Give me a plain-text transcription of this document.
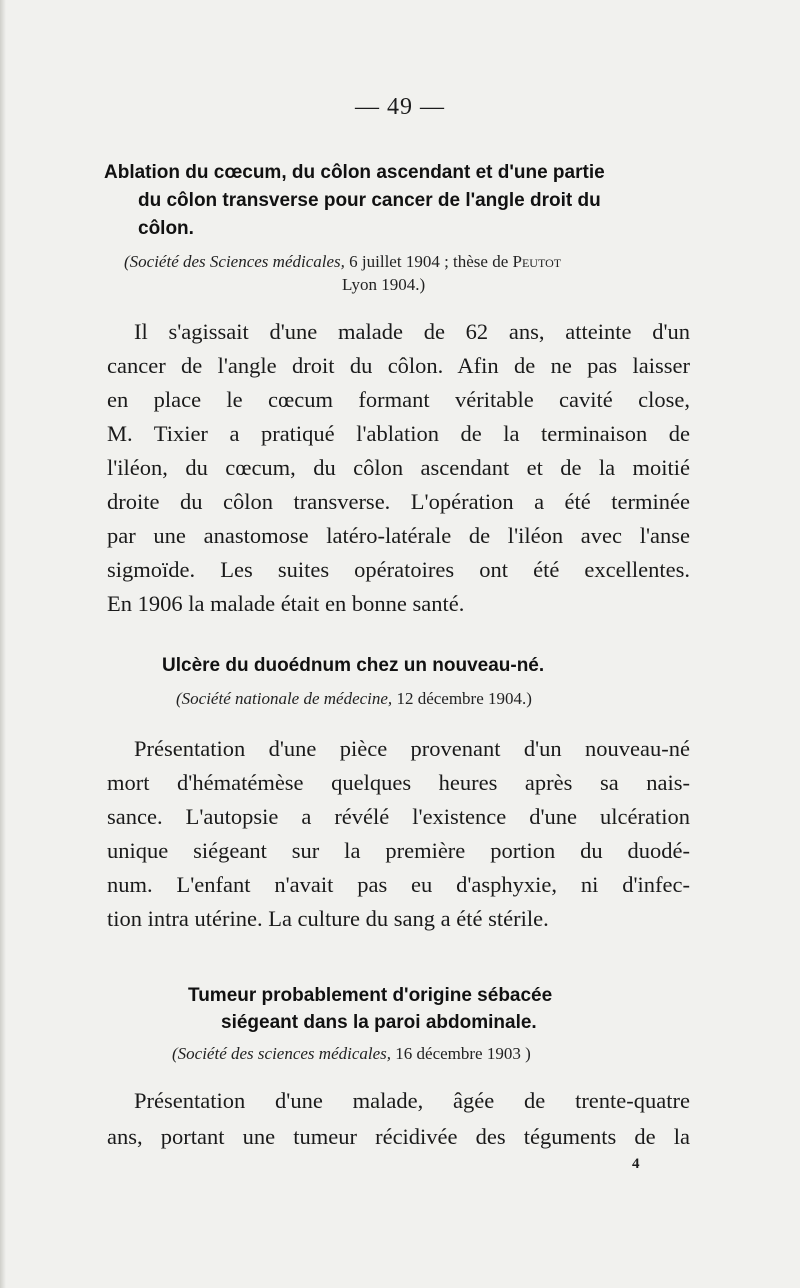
— 49 —
Ablation du cœcum, du côlon ascendant et d'une partie
du côlon transverse pour cancer de l'angle droit du
côlon.
(Société des Sciences médicales, 6 juillet 1904 ; thèse de Peutot
Lyon 1904.)
Il s'agissait d'une malade de 62 ans, atteinte d'un
cancer de l'angle droit du côlon. Afin de ne pas laisser
en place le cœcum formant véritable cavité close,
M. Tixier a pratiqué l'ablation de la terminaison de
l'iléon, du cœcum, du côlon ascendant et de la moitié
droite du côlon transverse. L'opération a été terminée
par une anastomose latéro-latérale de l'iléon avec l'anse
sigmoïde. Les suites opératoires ont été excellentes.
En 1906 la malade était en bonne santé.
Ulcère du duoédnum chez un nouveau-né.
(Société nationale de médecine, 12 décembre 1904.)
Présentation d'une pièce provenant d'un nouveau-né
mort d'hématémèse quelques heures après sa nais-
sance. L'autopsie a révélé l'existence d'une ulcération
unique siégeant sur la première portion du duodé-
num. L'enfant n'avait pas eu d'asphyxie, ni d'infec-
tion intra utérine. La culture du sang a été stérile.
Tumeur probablement d'origine sébacée
siégeant dans la paroi abdominale.
(Société des sciences médicales, 16 décembre 1903 )
Présentation d'une malade, âgée de trente-quatre
ans, portant une tumeur récidivée des téguments de la
4
